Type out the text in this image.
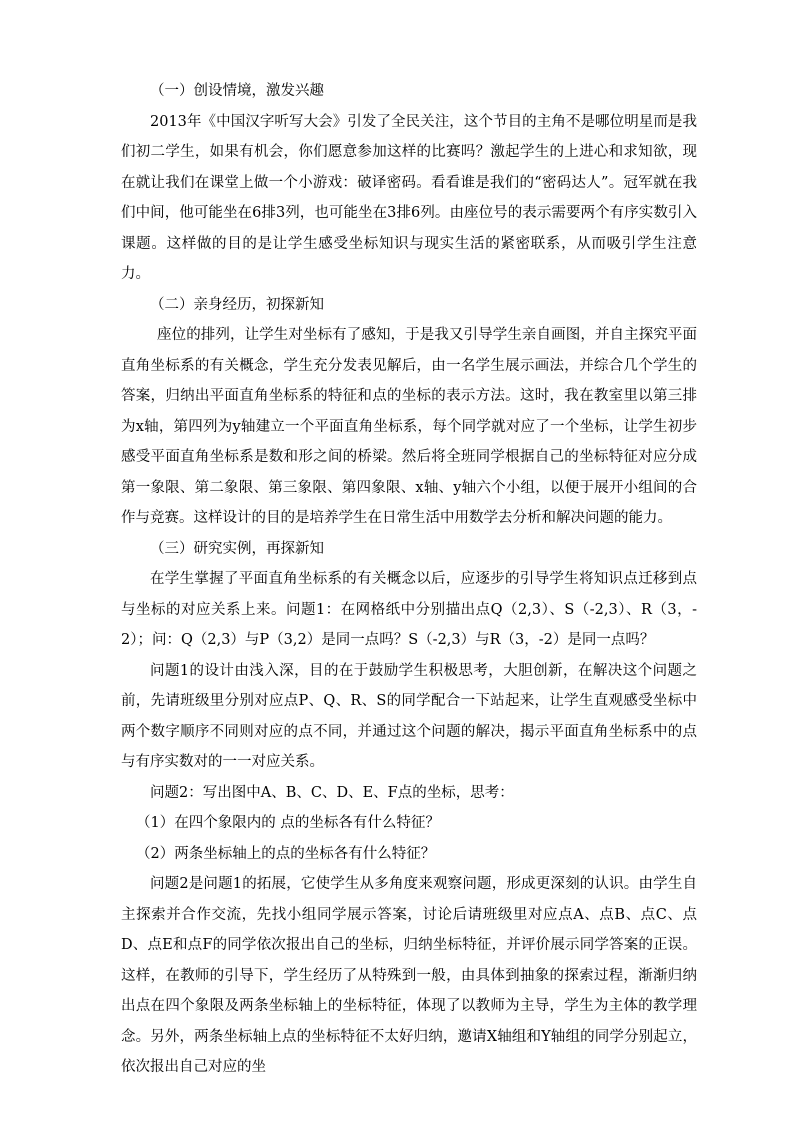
（一）创设情境，激发兴趣

2013年《中国汉字听写大会》引发了全民关注，这个节目的主角不是哪位明星而是我们初二学生，如果有机会，你们愿意参加这样的比赛吗？激起学生的上进心和求知欲，现在就让我们在课堂上做一个小游戏：破译密码。看看谁是我们的“密码达人”。冠军就在我们中间，他可能坐在6排3列，也可能坐在3排6列。由座位号的表示需要两个有序实数引入课题。这样做的目的是让学生感受坐标知识与现实生活的紧密联系，从而吸引学生注意力。

（二）亲身经历，初探新知

座位的排列，让学生对坐标有了感知，于是我又引导学生亲自画图，并自主探究平面直角坐标系的有关概念，学生充分发表见解后，由一名学生展示画法，并综合几个学生的答案，归纳出平面直角坐标系的特征和点的坐标的表示方法。这时，我在教室里以第三排为x轴，第四列为y轴建立一个平面直角坐标系，每个同学就对应了一个坐标，让学生初步感受平面直角坐标系是数和形之间的桥梁。然后将全班同学根据自己的坐标特征对应分成第一象限、第二象限、第三象限、第四象限、x轴、y轴六个小组，以便于展开小组间的合作与竞赛。这样设计的目的是培养学生在日常生活中用数学去分析和解决问题的能力。

（三）研究实例，再探新知

在学生掌握了平面直角坐标系的有关概念以后，应逐步的引导学生将知识点迁移到点与坐标的对应关系上来。问题1：在网格纸中分别描出点Q（2,3）、S（-2,3）、R（3，-2）；问：Q（2,3）与P（3,2）是同一点吗？S（-2,3）与R（3，-2）是同一点吗？

问题1的设计由浅入深，目的在于鼓励学生积极思考，大胆创新，在解决这个问题之前，先请班级里分别对应点P、Q、R、S的同学配合一下站起来，让学生直观感受坐标中两个数字顺序不同则对应的点不同，并通过这个问题的解决，揭示平面直角坐标系中的点与有序实数对的一一对应关系。

问题2：写出图中A、B、C、D、E、F点的坐标，思考：

（1）在四个象限内的 点的坐标各有什么特征？

（2）两条坐标轴上的点的坐标各有什么特征？

问题2是问题1的拓展，它使学生从多角度来观察问题，形成更深刻的认识。由学生自主探索并合作交流，先找小组同学展示答案，讨论后请班级里对应点A、点B、点C、点D、点E和点F的同学依次报出自己的坐标，归纳坐标特征，并评价展示同学答案的正误。这样，在教师的引导下，学生经历了从特殊到一般，由具体到抽象的探索过程，渐渐归纳出点在四个象限及两条坐标轴上的坐标特征，体现了以教师为主导，学生为主体的教学理念。另外，两条坐标轴上点的坐标特征不太好归纳，邀请X轴组和Y轴组的同学分别起立，依次报出自己对应的坐
